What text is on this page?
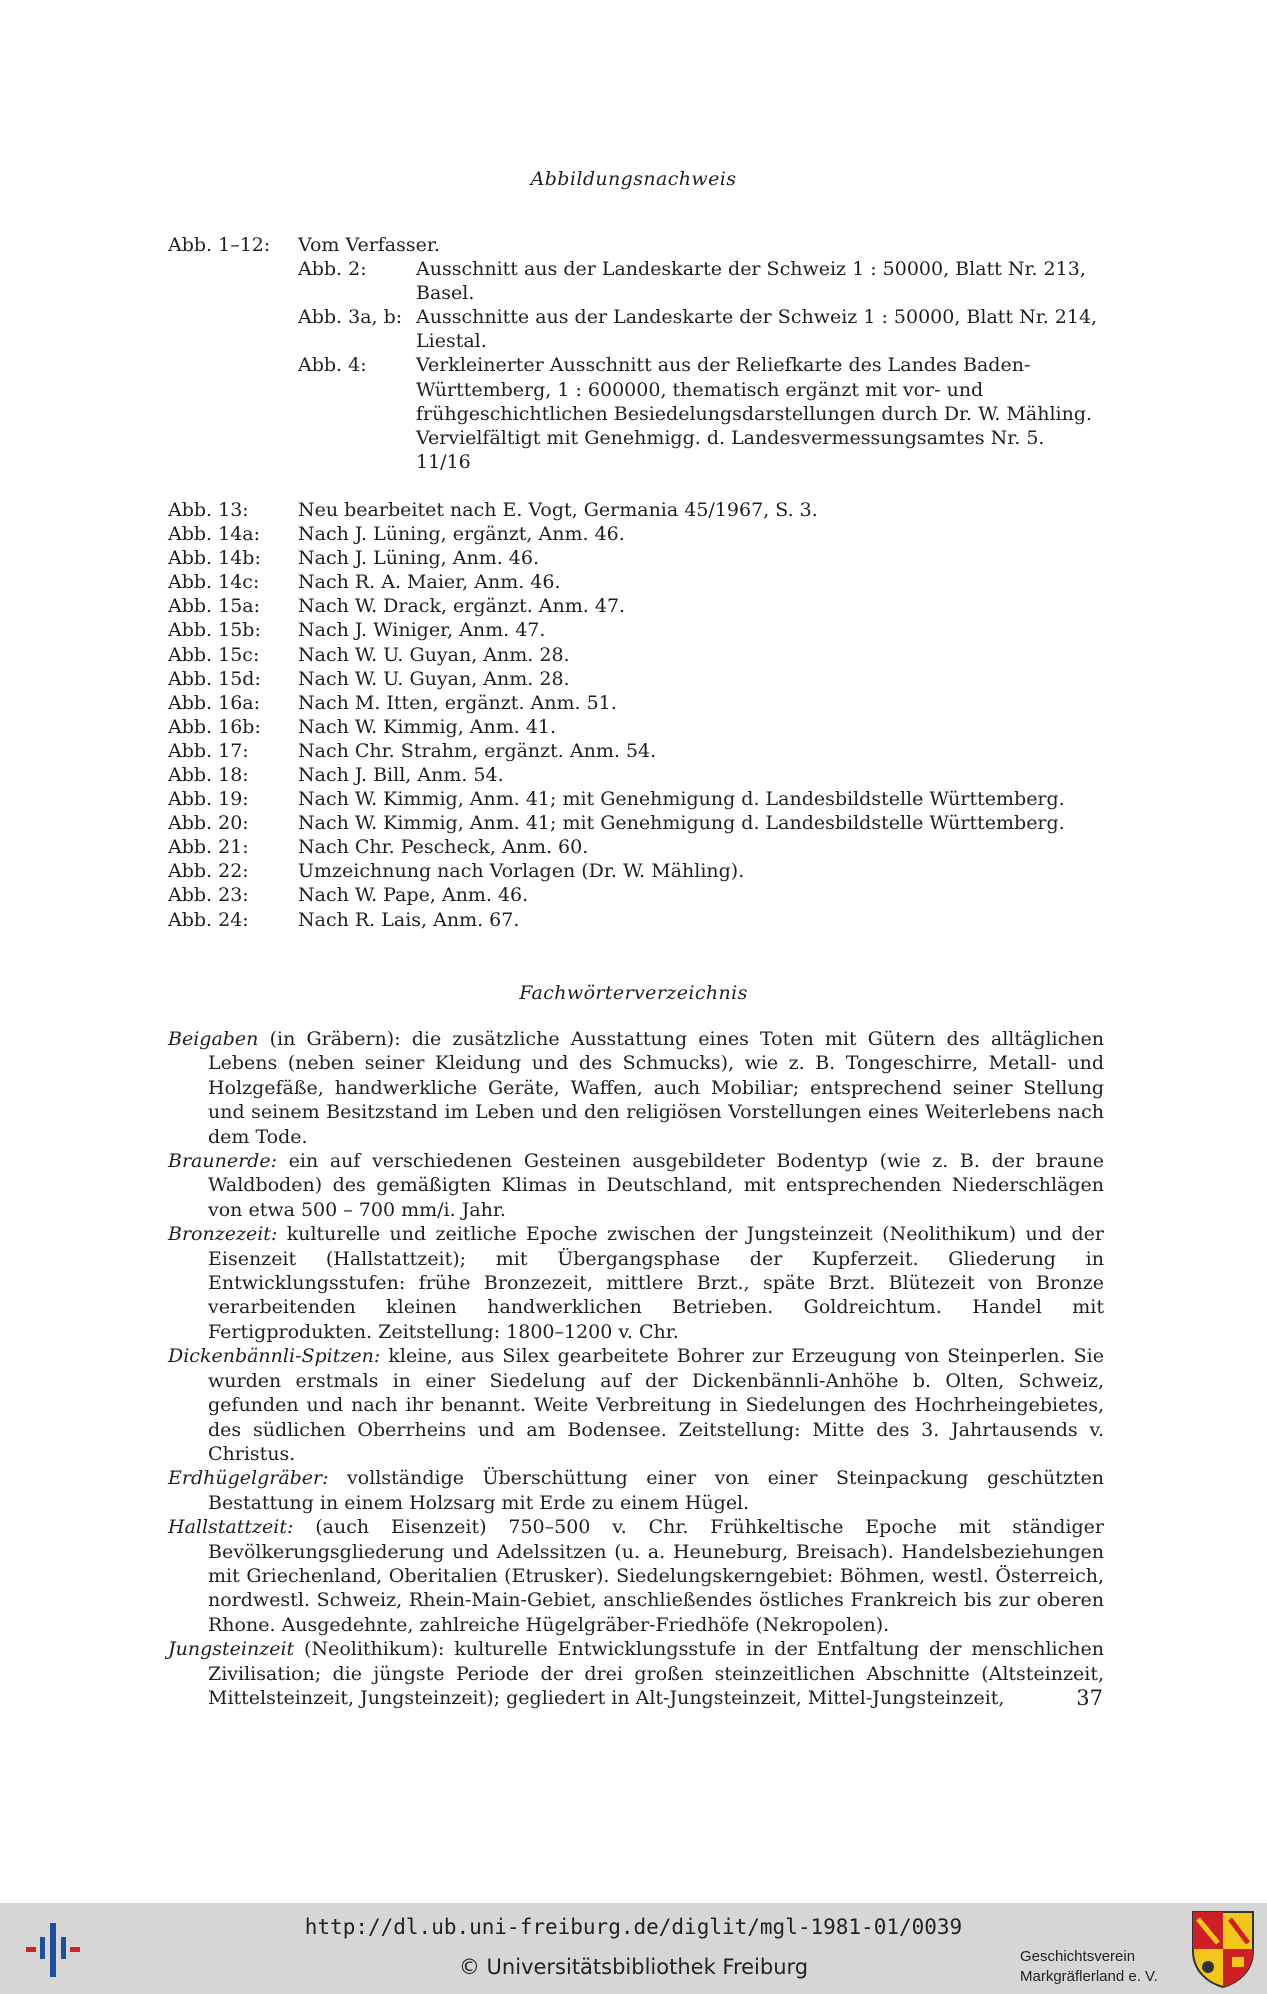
Abbildungsnachweis
Abb. 1–12:	Vom Verfasser.
Abb. 2:	Ausschnitt aus der Landeskarte der Schweiz 1 : 50000, Blatt Nr. 213, Basel.
Abb. 3a, b: Ausschnitte aus der Landeskarte der Schweiz 1 : 50000, Blatt Nr. 214, Liestal.
Abb. 4:	Verkleinerter Ausschnitt aus der Reliefkarte des Landes Baden-Württemberg, 1 : 600000, thematisch ergänzt mit vor- und frühgeschichtlichen Besiedelungsdarstellungen durch Dr. W. Mähling. Vervielfältigt mit Genehmigg. d. Landesvermessungsamtes Nr. 5. 11/16
Abb. 13:	Neu bearbeitet nach E. Vogt, Germania 45/1967, S. 3.
Abb. 14a:	Nach J. Lüning, ergänzt, Anm. 46.
Abb. 14b:	Nach J. Lüning, Anm. 46.
Abb. 14c:	Nach R. A. Maier, Anm. 46.
Abb. 15a:	Nach W. Drack, ergänzt. Anm. 47.
Abb. 15b:	Nach J. Winiger, Anm. 47.
Abb. 15c:	Nach W. U. Guyan, Anm. 28.
Abb. 15d:	Nach W. U. Guyan, Anm. 28.
Abb. 16a:	Nach M. Itten, ergänzt. Anm. 51.
Abb. 16b:	Nach W. Kimmig, Anm. 41.
Abb. 17:	Nach Chr. Strahm, ergänzt. Anm. 54.
Abb. 18:	Nach J. Bill, Anm. 54.
Abb. 19:	Nach W. Kimmig, Anm. 41; mit Genehmigung d. Landesbildstelle Württemberg.
Abb. 20:	Nach W. Kimmig, Anm. 41; mit Genehmigung d. Landesbildstelle Württemberg.
Abb. 21:	Nach Chr. Pescheck, Anm. 60.
Abb. 22:	Umzeichnung nach Vorlagen (Dr. W. Mähling).
Abb. 23:	Nach W. Pape, Anm. 46.
Abb. 24:	Nach R. Lais, Anm. 67.
Fachwörterverzeichnis

Beigaben (in Gräbern): die zusätzliche Ausstattung eines Toten mit Gütern des alltäglichen Lebens (neben seiner Kleidung und des Schmucks), wie z. B. Tongeschirre, Metall- und Holzgefäße, handwerkliche Geräte, Waffen, auch Mobiliar; entsprechend seiner Stellung und seinem Besitzstand im Leben und den religiösen Vorstellungen eines Weiterlebens nach dem Tode.

Braunerde: ein auf verschiedenen Gesteinen ausgebildeter Bodentyp (wie z. B. der braune Waldboden) des gemäßigten Klimas in Deutschland, mit entsprechenden Niederschlägen von etwa 500 – 700 mm/i. Jahr.

Bronzezeit: kulturelle und zeitliche Epoche zwischen der Jungsteinzeit (Neolithikum) und der Eisenzeit (Hallstattzeit); mit Übergangsphase der Kupferzeit. Gliederung in Entwicklungsstufen: frühe Bronzezeit, mittlere Brzt., späte Brzt. Blütezeit von Bronze verarbeitenden kleinen handwerklichen Betrieben. Goldreichtum. Handel mit Fertigprodukten. Zeitstellung: 1800–1200 v. Chr.

Dickenbännli-Spitzen: kleine, aus Silex gearbeitete Bohrer zur Erzeugung von Steinperlen. Sie wurden erstmals in einer Siedelung auf der Dickenbännli-Anhöhe b. Olten, Schweiz, gefunden und nach ihr benannt. Weite Verbreitung in Siedelungen des Hochrheingebietes, des südlichen Oberrheins und am Bodensee. Zeitstellung: Mitte des 3. Jahrtausends v. Christus.

Erdhügelgräber: vollständige Überschüttung einer von einer Steinpackung geschützten Bestattung in einem Holzsarg mit Erde zu einem Hügel.

Hallstattzeit: (auch Eisenzeit) 750–500 v. Chr. Frühkeltische Epoche mit ständiger Bevölkerungsgliederung und Adelssitzen (u. a. Heuneburg, Breisach). Handelsbeziehungen mit Griechenland, Oberitalien (Etrusker). Siedelungskerngebiet: Böhmen, westl. Österreich, nordwestl. Schweiz, Rhein-Main-Gebiet, anschließendes östliches Frankreich bis zur oberen Rhone. Ausgedehnte, zahlreiche Hügelgräber-Friedhöfe (Nekropolen).

Jungsteinzeit (Neolithikum): kulturelle Entwicklungsstufe in der Entfaltung der menschlichen Zivilisation; die jüngste Periode der drei großen steinzeitlichen Abschnitte (Altsteinzeit, Mittelsteinzeit, Jungsteinzeit); gegliedert in Alt-Jungsteinzeit, Mittel-Jungsteinzeit,	37
http://dl.ub.uni-freiburg.de/diglit/mgl-1981-01/0039
© Universitätsbibliothek Freiburg	Geschichtsverein
Markgräflerland e. V.
